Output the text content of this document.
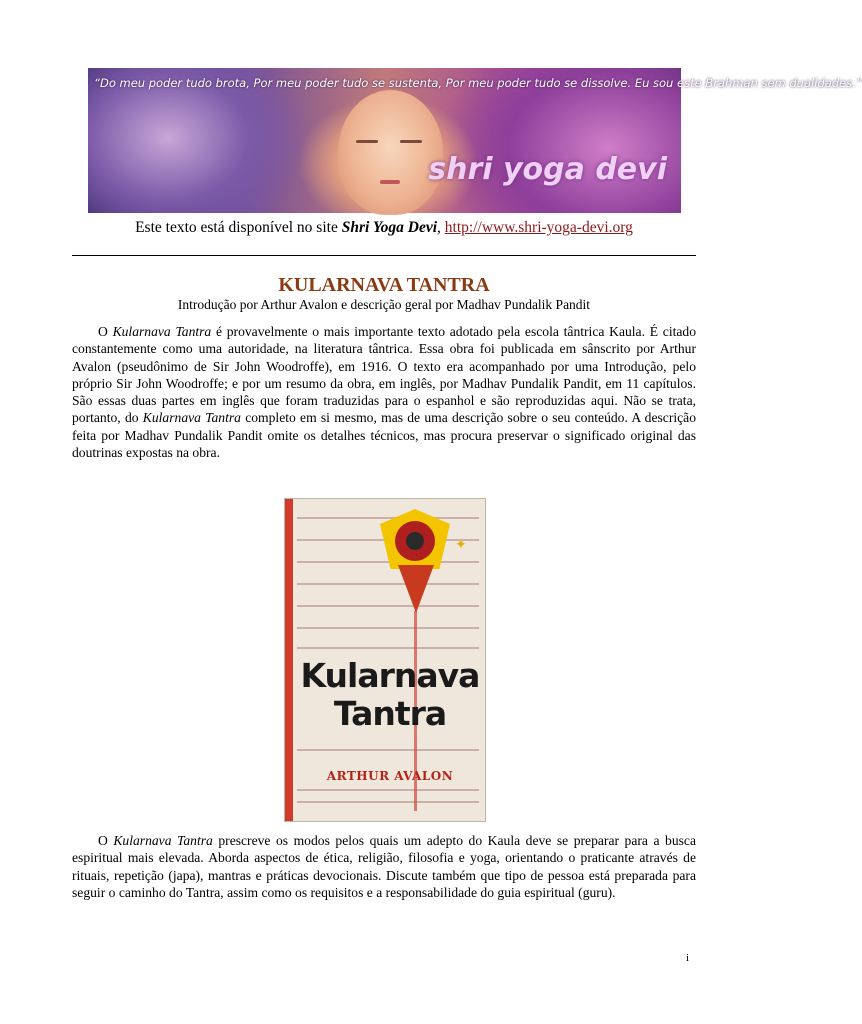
“Do meu poder tudo brota, Por meu poder tudo se sustenta, Por meu poder tudo se dissolve. Eu sou este Brahman sem dualidades.”
shri yoga devi
Este texto está disponível no site Shri Yoga Devi, http://www.shri-yoga-devi.org
KULARNAVA TANTRA
Introdução por Arthur Avalon e descrição geral por Madhav Pundalik Pandit

O Kularnava Tantra é provavelmente o mais importante texto adotado pela escola tântrica Kaula. É citado constantemente como uma autoridade, na literatura tântrica. Essa obra foi publicada em sânscrito por Arthur Avalon (pseudônimo de Sir John Woodroffe), em 1916. O texto era acompanhado por uma Introdução, pelo próprio Sir John Woodroffe; e por um resumo da obra, em inglês, por Madhav Pundalik Pandit, em 11 capítulos. São essas duas partes em inglês que foram traduzidas para o espanhol e são reproduzidas aqui. Não se trata, portanto, do Kularnava Tantra completo em si mesmo, mas de uma descrição sobre o seu conteúdo. A descrição feita por Madhav Pundalik Pandit omite os detalhes técnicos, mas procura preservar o significado original das doutrinas expostas na obra.

✦
Kularnava
Tantra
ARTHUR AVALON

O Kularnava Tantra prescreve os modos pelos quais um adepto do Kaula deve se preparar para a busca espiritual mais elevada. Aborda aspectos de ética, religião, filosofia e yoga, orientando o praticante através de rituais, repetição (japa), mantras e práticas devocionais. Discute também que tipo de pessoa está preparada para seguir o caminho do Tantra, assim como os requisitos e a responsabilidade do guia espiritual (guru).

i
